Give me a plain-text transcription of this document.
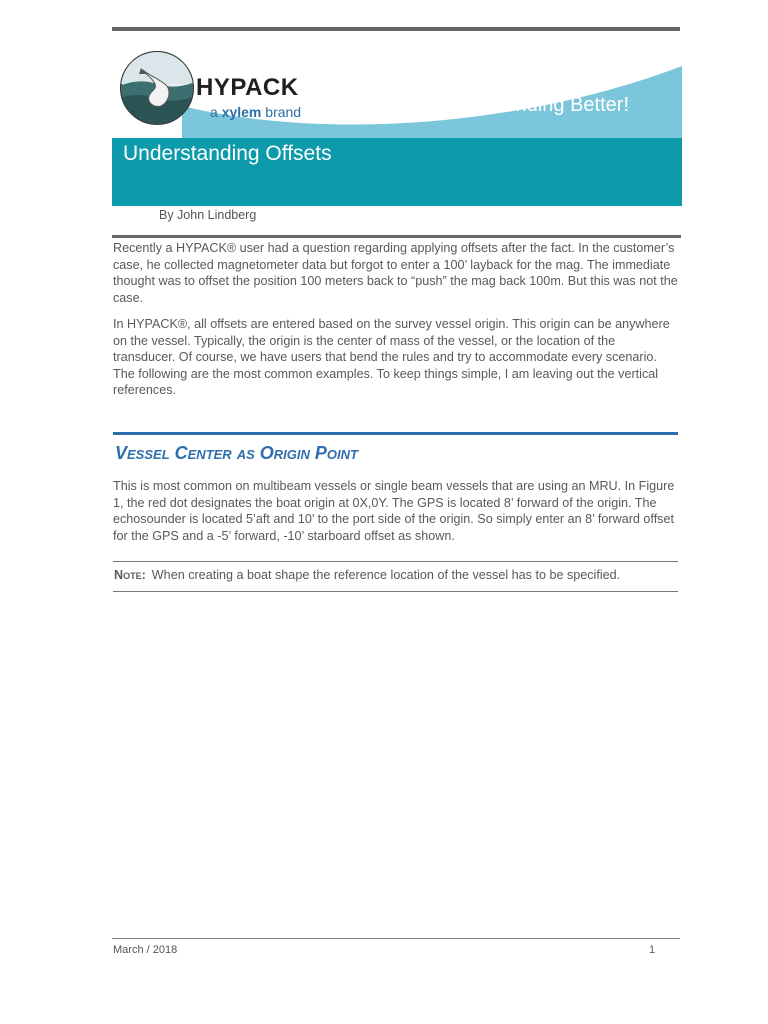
HYPACK
a xylem brand	Sounding Better!
Understanding Offsets
By John Lindberg

Recently a HYPACK® user had a question regarding applying offsets after the fact. In the customer’s case, he collected magnetometer data but forgot to enter a 100’ layback for the mag. The immediate thought was to offset the position 100 meters back to “push” the mag back 100m. But this was not the case.

In HYPACK®, all offsets are entered based on the survey vessel origin. This origin can be anywhere on the vessel. Typically, the origin is the center of mass of the vessel, or the location of the transducer. Of course, we have users that bend the rules and try to accommodate every scenario. The following are the most common examples. To keep things simple, I am leaving out the vertical references.

Vessel Center as Origin Point

This is most common on multibeam vessels or single beam vessels that are using an MRU. In Figure 1, the red dot designates the boat origin at 0X,0Y. The GPS is located 8’ forward of the origin. The echosounder is located 5’aft and 10’ to the port side of the origin. So simply enter an 8’ forward offset for the GPS and a -5’ forward, -10’ starboard offset as shown.

Note: When creating a boat shape the reference location of the vessel has to be specified.
March / 2018	1
